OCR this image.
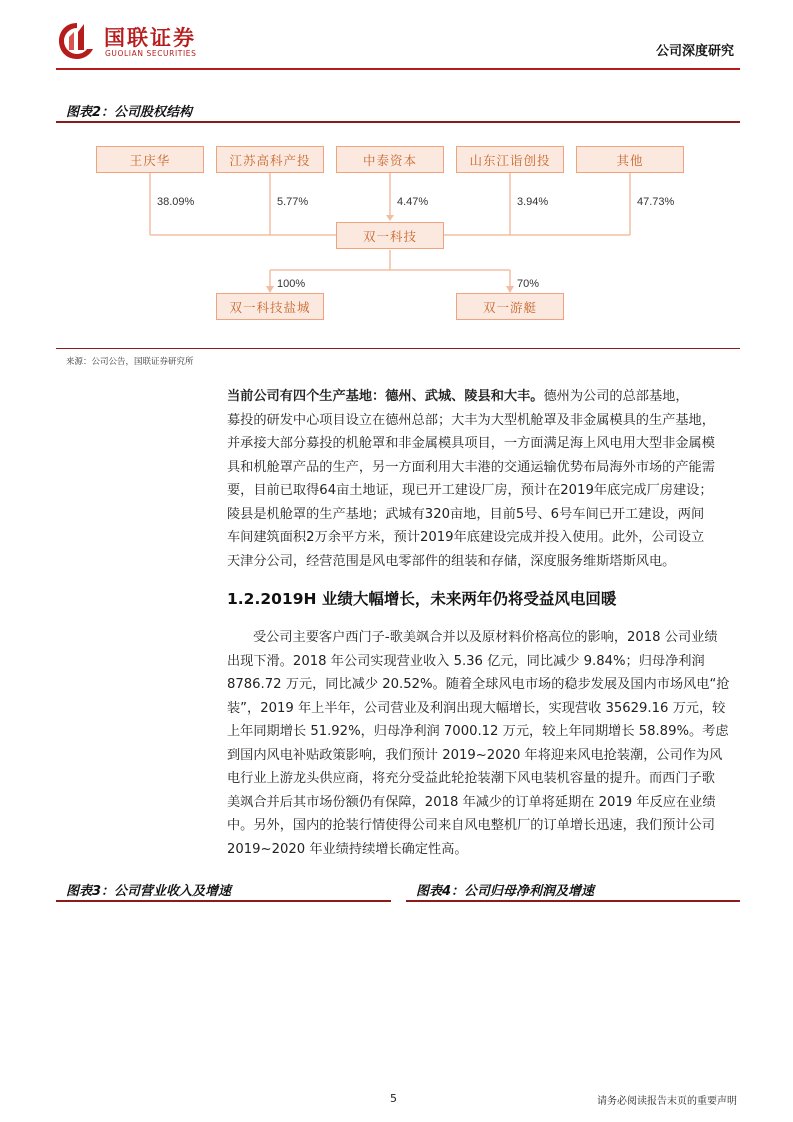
国联证券
GUOLIAN SECURITIES	公司深度研究
图表2：公司股权结构
王庆华	江苏高科产投	中泰资本	山东江诣创投	其他
38.09%	5.77%	4.47%	3.94%	47.73%
双一科技
100%	70%
双一科技盐城	双一游艇
来源：公司公告，国联证券研究所
当前公司有四个生产基地：德州、武城、陵县和大丰。德州为公司的总部基地，
募投的研发中心项目设立在德州总部；大丰为大型机舱罩及非金属模具的生产基地，
并承接大部分募投的机舱罩和非金属模具项目，一方面满足海上风电用大型非金属模
具和机舱罩产品的生产，另一方面利用大丰港的交通运输优势布局海外市场的产能需
要，目前已取得64亩土地证，现已开工建设厂房，预计在2019年底完成厂房建设；
陵县是机舱罩的生产基地；武城有320亩地，目前5号、6号车间已开工建设，两间
车间建筑面积2万余平方米，预计2019年底建设完成并投入使用。此外，公司设立
天津分公司，经营范围是风电零部件的组装和存储，深度服务维斯塔斯风电。
1.2.2019H 业绩大幅增长，未来两年仍将受益风电回暖
受公司主要客户西门子-歌美飒合并以及原材料价格高位的影响，2018 公司业绩
出现下滑。2018 年公司实现营业收入 5.36 亿元，同比减少 9.84%；归母净利润
8786.72 万元，同比减少 20.52%。随着全球风电市场的稳步发展及国内市场风电“抢
装”，2019 年上半年，公司营业及利润出现大幅增长，实现营收 35629.16 万元，较
上年同期增长 51.92%，归母净利润 7000.12 万元，较上年同期增长 58.89%。考虑
到国内风电补贴政策影响，我们预计 2019~2020 年将迎来风电抢装潮，公司作为风
电行业上游龙头供应商，将充分受益此轮抢装潮下风电装机容量的提升。而西门子歌
美飒合并后其市场份额仍有保障，2018 年减少的订单将延期在 2019 年反应在业绩
中。另外，国内的抢装行情使得公司来自风电整机厂的订单增长迅速，我们预计公司
2019~2020 年业绩持续增长确定性高。
图表3：公司营业收入及增速	图表4：公司归母净利润及增速
5	请务必阅读报告末页的重要声明
